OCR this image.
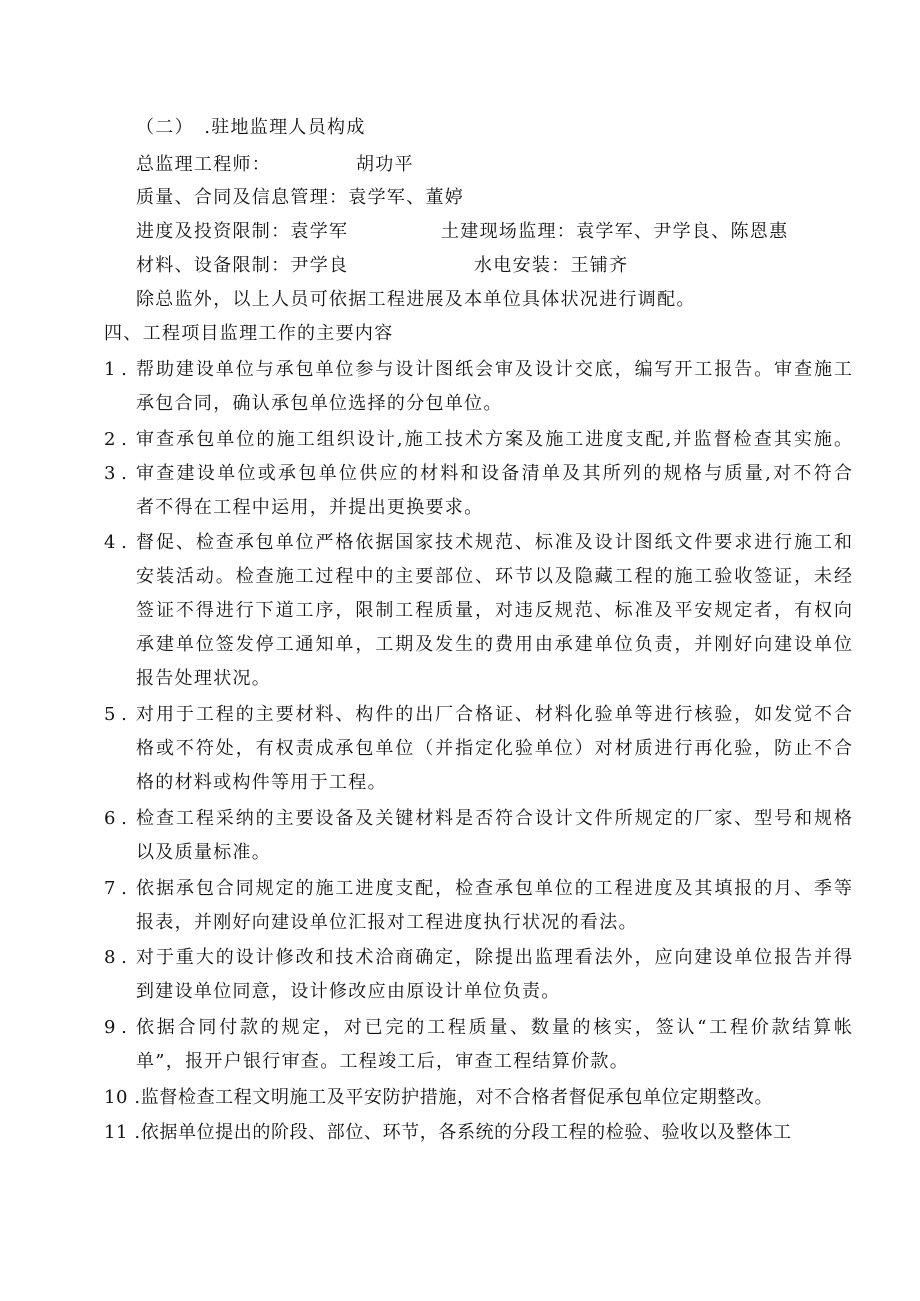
（二）　.驻地监理人员构成
总监理工程师：	胡功平
质量、合同及信息管理：袁学军、董婷
进度及投资限制：袁学军	土建现场监理：袁学军、尹学良、陈恩惠
材料、设备限制：尹学良	水电安装：王铺齐
除总监外，以上人员可依据工程进展及本单位具体状况进行调配。
四、工程项目监理工作的主要内容
1 . 帮助建设单位与承包单位参与设计图纸会审及设计交底，编写开工报告。审查施工
承包合同，确认承包单位选择的分包单位。
2 . 审查承包单位的施工组织设计,施工技术方案及施工进度支配,并监督检查其实施。
3 . 审查建设单位或承包单位供应的材料和设备清单及其所列的规格与质量,对不符合
者不得在工程中运用，并提出更换要求。
4 . 督促、检查承包单位严格依据国家技术规范、标准及设计图纸文件要求进行施工和
安装活动。检查施工过程中的主要部位、环节以及隐藏工程的施工验收签证，未经
签证不得进行下道工序，限制工程质量，对违反规范、标准及平安规定者，有权向
承建单位签发停工通知单，工期及发生的费用由承建单位负责，并刚好向建设单位
报告处理状况。
5 . 对用于工程的主要材料、构件的出厂合格证、材料化验单等进行核验，如发觉不合
格或不符处，有权责成承包单位（并指定化验单位）对材质进行再化验，防止不合
格的材料或构件等用于工程。
6 . 检查工程采纳的主要设备及关键材料是否符合设计文件所规定的厂家、型号和规格
以及质量标准。
7 . 依据承包合同规定的施工进度支配，检查承包单位的工程进度及其填报的月、季等
报表，并刚好向建设单位汇报对工程进度执行状况的看法。
8 . 对于重大的设计修改和技术洽商确定，除提出监理看法外，应向建设单位报告并得
到建设单位同意，设计修改应由原设计单位负责。
9 . 依据合同付款的规定，对已完的工程质量、数量的核实，签认“工程价款结算帐
单”，报开户银行审查。工程竣工后，审查工程结算价款。
10 .监督检查工程文明施工及平安防护措施，对不合格者督促承包单位定期整改。
11 .依据单位提出的阶段、部位、环节，各系统的分段工程的检验、验收以及整体工
